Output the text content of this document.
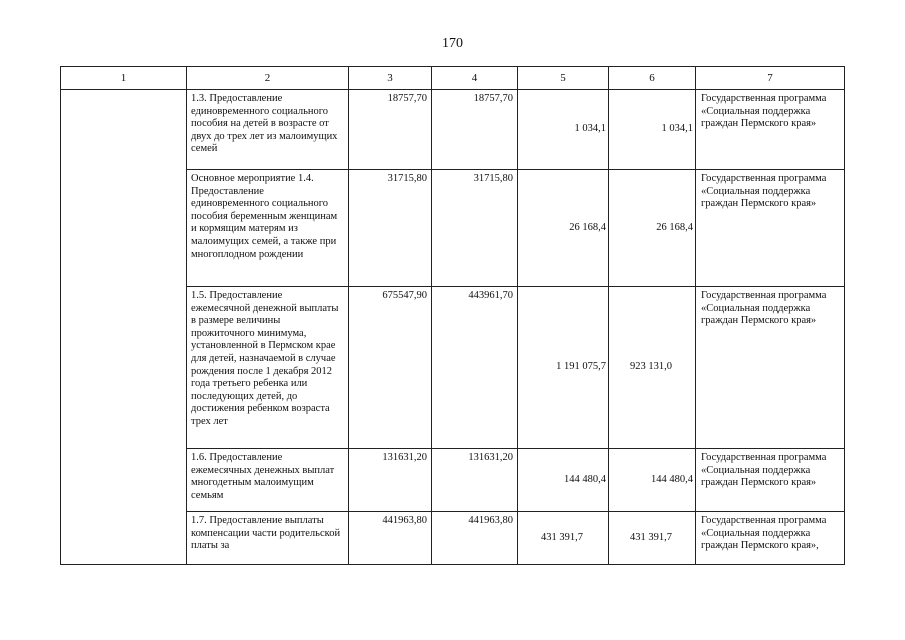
170
1	2	3	4	5	6	7
	1.3. Предоставление единовременного социального пособия на детей в возрасте от двух до трех лет из малоимущих семей	18757,70	18757,70	1 034,1	1 034,1	Государственная программа «Социальная поддержка граждан Пермского края»
	Основное мероприятие 1.4. Предоставление единовременного социального пособия беременным женщинам и кормящим матерям из малоимущих семей, а также при многоплодном рождении	31715,80	31715,80	26 168,4	26 168,4	Государственная программа «Социальная поддержка граждан Пермского края»
	1.5. Предоставление ежемесячной денежной выплаты в размере величины прожиточного минимума, установленной в Пермском крае для детей, назначаемой в случае рождения после 1 декабря 2012 года третьего ребенка или последующих детей, до достижения ребенком возраста трех лет	675547,90	443961,70	1 191 075,7	923 131,0	Государственная программа «Социальная поддержка граждан Пермского края»
	1.6. Предоставление ежемесячных денежных выплат многодетным малоимущим семьям	131631,20	131631,20	144 480,4	144 480,4	Государственная программа «Социальная поддержка граждан Пермского края»
	1.7. Предоставление выплаты компенсации части родительской платы за	441963,80	441963,80	431 391,7	431 391,7	Государственная программа «Социальная поддержка граждан Пермского края»,
